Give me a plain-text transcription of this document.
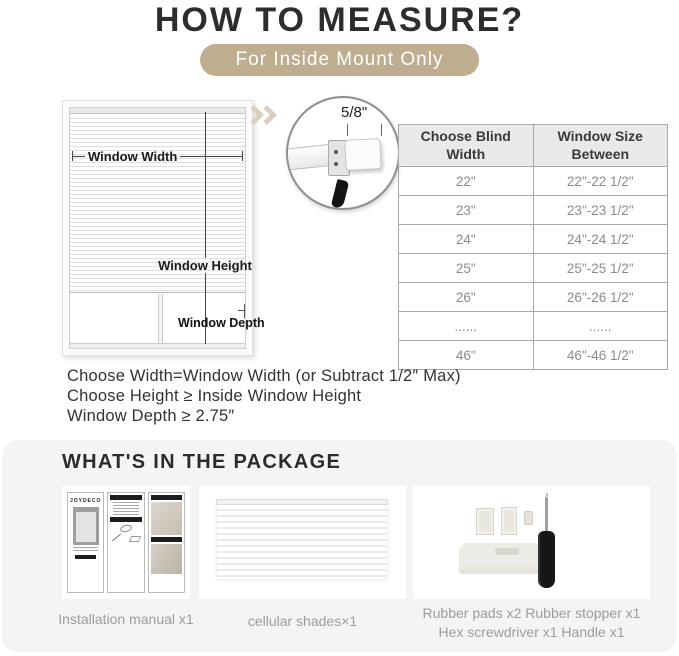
HOW TO MEASURE?
For Inside Mount Only
Window Width
Window Height
Window Depth

5/8"
Choose Blind Width	Window Size Between
22"	22"-22 1/2"
23"	23"-23 1/2"
24"	24"-24 1/2"
25"	25"-25 1/2"
26"	26"-26 1/2"
......	......
46"	46"-46 1/2"
Choose Width=Window Width (or Subtract 1/2″ Max)
Choose Height ≥ Inside Window Height
Window Depth ≥ 2.75″
WHAT'S IN THE PACKAGE
JOYDECO
Installation manual x1	cellular shades×1	Rubber pads x2 Rubber stopper x1
Hex screwdriver x1 Handle x1
